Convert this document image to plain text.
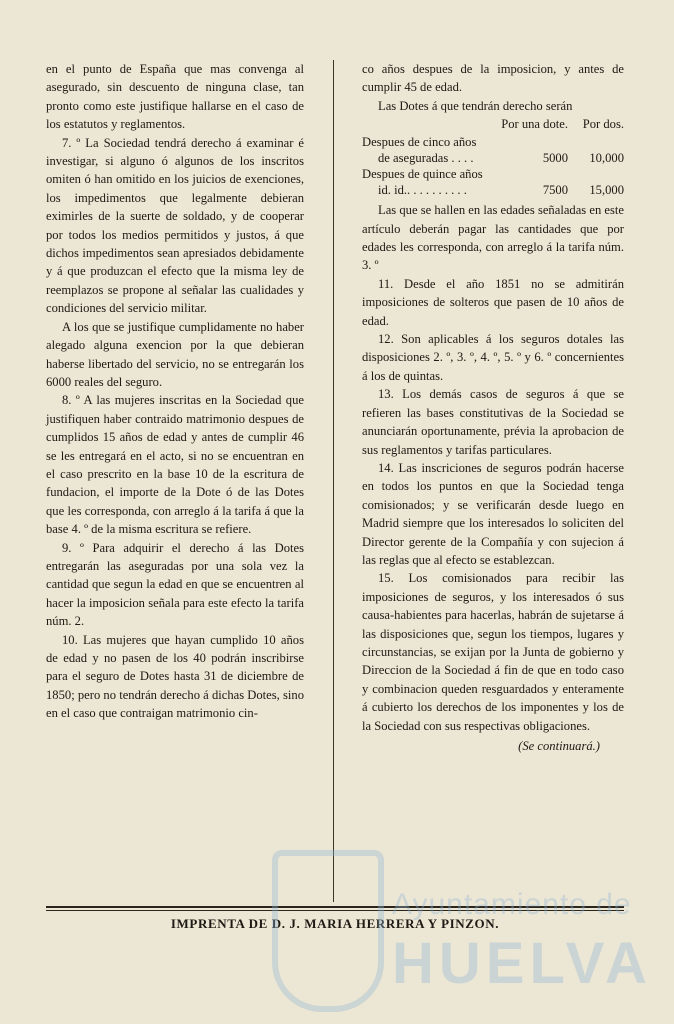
en el punto de España que mas convenga al asegurado, sin descuento de ninguna clase, tan pronto como este justifique hallarse en el caso de los estatutos y reglamentos.

7. º La Sociedad tendrá derecho á examinar é investigar, si alguno ó algunos de los inscritos omiten ó han omitido en los juicios de exenciones, los impedimentos que legalmente debieran eximirles de la suerte de soldado, y de cooperar por todos los medios permitidos y justos, á que dichos impedimentos sean apresiados debidamente y á que produzcan el efecto que la misma ley de reemplazos se propone al señalar las cualidades y condiciones del servicio militar.

A los que se justifique cumplidamente no haber alegado alguna exencion por la que debieran haberse libertado del servicio, no se entregarán los 6000 reales del seguro.

8. º A las mujeres inscritas en la Sociedad que justifiquen haber contraido matrimonio despues de cumplidos 15 años de edad y antes de cumplir 46 se les entregará en el acto, si no se encuentran en el caso prescrito en la base 10 de la escritura de fundacion, el importe de la Dote ó de las Dotes que les corresponda, con arreglo á la tarifa á que la base 4. º de la misma escritura se refiere.

9. º Para adquirir el derecho á las Dotes entregarán las aseguradas por una sola vez la cantidad que segun la edad en que se encuentren al hacer la imposicion señala para este efecto la tarifa núm. 2.

10. Las mujeres que hayan cumplido 10 años de edad y no pasen de los 40 podrán inscribirse para el seguro de Dotes hasta 31 de diciembre de 1850; pero no tendrán derecho á dichas Dotes, sino en el caso que contraigan matrimonio cin-

co años despues de la imposicion, y antes de cumplir 45 de edad.

Las Dotes á que tendrán derecho serán

	Por una dote.	Por dos.
Despues de cinco años		
de aseguradas . . . .	5000	10,000
Despues de quince años		
id. id.. . . . . . . . . .	7500	15,000

Las que se hallen en las edades señaladas en este artículo deberán pagar las cantidades que por edades les corresponda, con arreglo á la tarifa núm. 3. º

11. Desde el año 1851 no se admitirán imposiciones de solteros que pasen de 10 años de edad.

12. Son aplicables á los seguros dotales las disposiciones 2. º, 3. º, 4. º, 5. º y 6. º concernientes á los de quintas.

13. Los demás casos de seguros á que se refieren las bases constitutivas de la Sociedad se anunciarán oportunamente, prévia la aprobacion de sus reglamentos y tarifas particulares.

14. Las inscriciones de seguros podrán hacerse en todos los puntos en que la Sociedad tenga comisionados; y se verificarán desde luego en Madrid siempre que los interesados lo soliciten del Director gerente de la Compañía y con sujecion á las reglas que al efecto se establezcan.

15. Los comisionados para recibir las imposiciones de seguros, y los interesados ó sus causa-habientes para hacerlas, habrán de sujetarse á las disposiciones que, segun los tiempos, lugares y circunstancias, se exijan por la Junta de gobierno y Direccion de la Sociedad á fin de que en todo caso y combinacion queden resguardados y enteramente á cubierto los derechos de los imponentes y los de la Sociedad con sus respectivas obligaciones.

(Se continuará.)
IMPRENTA DE D. J. MARIA HERRERA Y PINZON.
Ayuntamiento de
HUELVA
